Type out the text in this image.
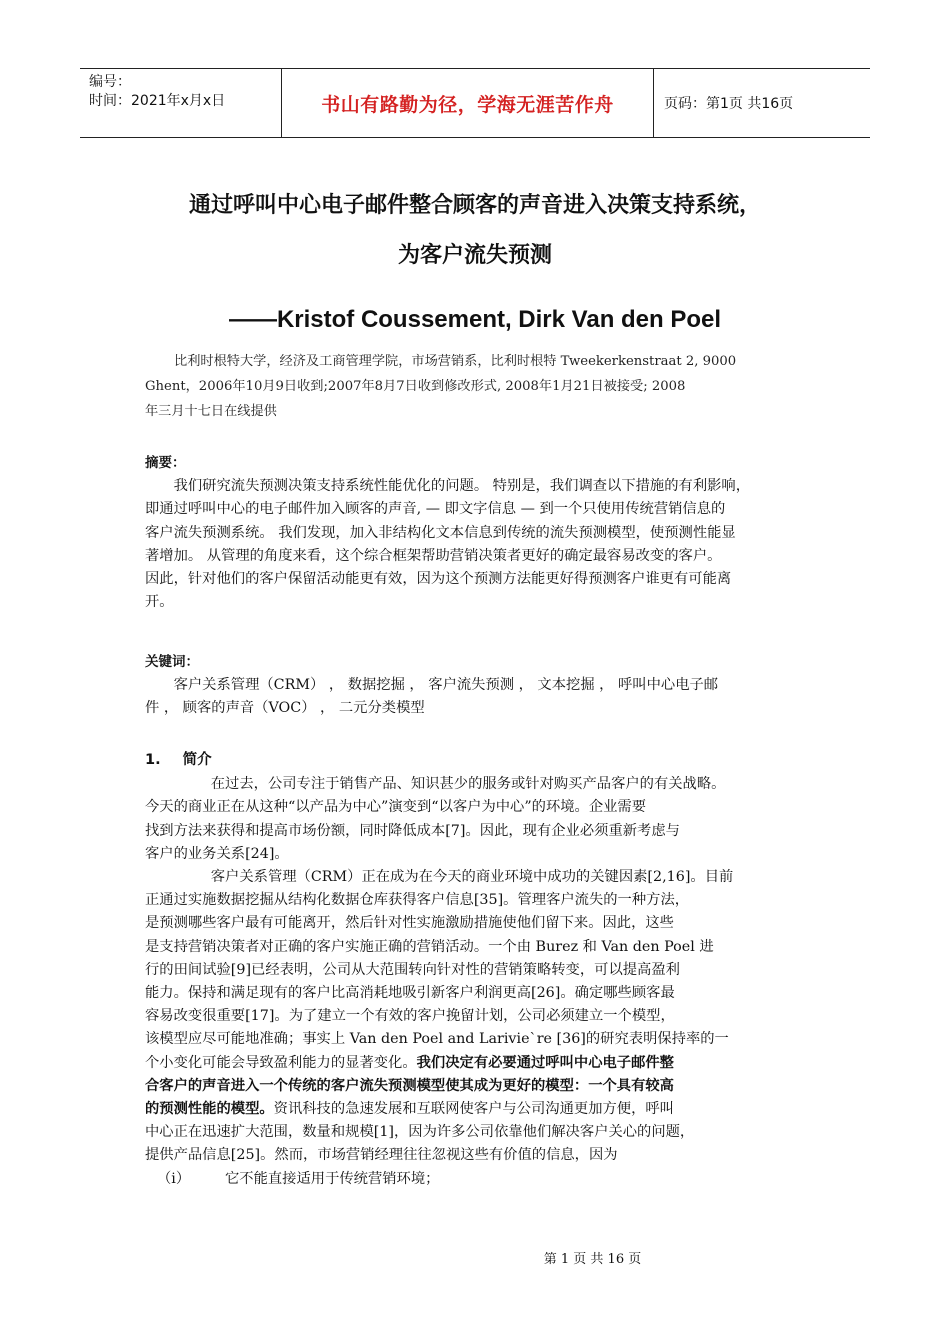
编号：
时间：2021年x月x日	书山有路勤为径，学海无涯苦作舟	页码：第1页 共16页
通过呼叫中心电子邮件整合顾客的声音进入决策支持系统，
为客户流失预测
——Kristof Coussement, Dirk Van den Poel
比利时根特大学，经济及工商管理学院，市场营销系，比利时根特 Tweekerkenstraat 2, 9000
Ghent，2006年10月9日收到;2007年8月7日收到修改形式, 2008年1月21日被接受; 2008
年三月十七日在线提供
摘要：
我们研究流失预测决策支持系统性能优化的问题。 特别是，我们调查以下措施的有利影响，
即通过呼叫中心的电子邮件加入顾客的声音, — 即文字信息 — 到一个只使用传统营销信息的
客户流失预测系统。 我们发现，加入非结构化文本信息到传统的流失预测模型，使预测性能显
著增加。 从管理的角度来看，这个综合框架帮助营销决策者更好的确定最容易改变的客户。
因此，针对他们的客户保留活动能更有效，因为这个预测方法能更好得预测客户谁更有可能离
开。
关键词：
客户关系管理（CRM） ， 数据挖掘 ， 客户流失预测 ， 文本挖掘 ， 呼叫中心电子邮
件 ， 顾客的声音（VOC） ， 二元分类模型
1. 简介
在过去，公司专注于销售产品、知识甚少的服务或针对购买产品客户的有关战略。
今天的商业正在从这种“以产品为中心”演变到“以客户为中心”的环境。企业需要
找到方法来获得和提高市场份额，同时降低成本[7]。因此，现有企业必须重新考虑与
客户的业务关系[24]。
客户关系管理（CRM）正在成为在今天的商业环境中成功的关键因素[2,16]。目前
正通过实施数据挖掘从结构化数据仓库获得客户信息[35]。管理客户流失的一种方法，
是预测哪些客户最有可能离开，然后针对性实施激励措施使他们留下来。因此，这些
是支持营销决策者对正确的客户实施正确的营销活动。一个由 Burez 和 Van den Poel 进
行的田间试验[9]已经表明，公司从大范围转向针对性的营销策略转变，可以提高盈利
能力。保持和满足现有的客户比高消耗地吸引新客户利润更高[26]。确定哪些顾客最
容易改变很重要[17]。为了建立一个有效的客户挽留计划，公司必须建立一个模型，
该模型应尽可能地准确；事实上 Van den Poel and Larivie`re [36]的研究表明保持率的一
个小变化可能会导致盈利能力的显著变化。我们决定有必要通过呼叫中心电子邮件整
合客户的声音进入一个传统的客户流失预测模型使其成为更好的模型：一个具有较高
的预测性能的模型。资讯科技的急速发展和互联网使客户与公司沟通更加方便，呼叫
中心正在迅速扩大范围，数量和规模[1]，因为许多公司依靠他们解决客户关心的问题，
提供产品信息[25]。然而，市场营销经理往往忽视这些有价值的信息，因为
（i） 它不能直接适用于传统营销环境；
第 1 页 共 16 页
